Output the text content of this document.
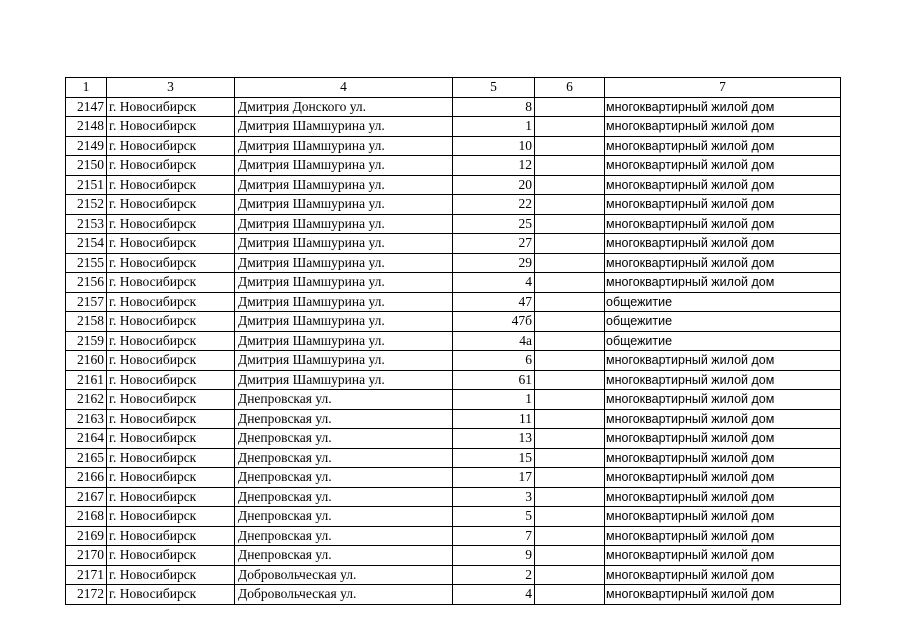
1	3	4	5	6	7
2147	г. Новосибирск	Дмитрия Донского ул.	8		многоквартирный жилой дом
2148	г. Новосибирск	Дмитрия Шамшурина ул.	1		многоквартирный жилой дом
2149	г. Новосибирск	Дмитрия Шамшурина ул.	10		многоквартирный жилой дом
2150	г. Новосибирск	Дмитрия Шамшурина ул.	12		многоквартирный жилой дом
2151	г. Новосибирск	Дмитрия Шамшурина ул.	20		многоквартирный жилой дом
2152	г. Новосибирск	Дмитрия Шамшурина ул.	22		многоквартирный жилой дом
2153	г. Новосибирск	Дмитрия Шамшурина ул.	25		многоквартирный жилой дом
2154	г. Новосибирск	Дмитрия Шамшурина ул.	27		многоквартирный жилой дом
2155	г. Новосибирск	Дмитрия Шамшурина ул.	29		многоквартирный жилой дом
2156	г. Новосибирск	Дмитрия Шамшурина ул.	4		многоквартирный жилой дом
2157	г. Новосибирск	Дмитрия Шамшурина ул.	47		общежитие
2158	г. Новосибирск	Дмитрия Шамшурина ул.	47б		общежитие
2159	г. Новосибирск	Дмитрия Шамшурина ул.	4а		общежитие
2160	г. Новосибирск	Дмитрия Шамшурина ул.	6		многоквартирный жилой дом
2161	г. Новосибирск	Дмитрия Шамшурина ул.	61		многоквартирный жилой дом
2162	г. Новосибирск	Днепровская ул.	1		многоквартирный жилой дом
2163	г. Новосибирск	Днепровская ул.	11		многоквартирный жилой дом
2164	г. Новосибирск	Днепровская ул.	13		многоквартирный жилой дом
2165	г. Новосибирск	Днепровская ул.	15		многоквартирный жилой дом
2166	г. Новосибирск	Днепровская ул.	17		многоквартирный жилой дом
2167	г. Новосибирск	Днепровская ул.	3		многоквартирный жилой дом
2168	г. Новосибирск	Днепровская ул.	5		многоквартирный жилой дом
2169	г. Новосибирск	Днепровская ул.	7		многоквартирный жилой дом
2170	г. Новосибирск	Днепровская ул.	9		многоквартирный жилой дом
2171	г. Новосибирск	Добровольческая ул.	2		многоквартирный жилой дом
2172	г. Новосибирск	Добровольческая ул.	4		многоквартирный жилой дом
